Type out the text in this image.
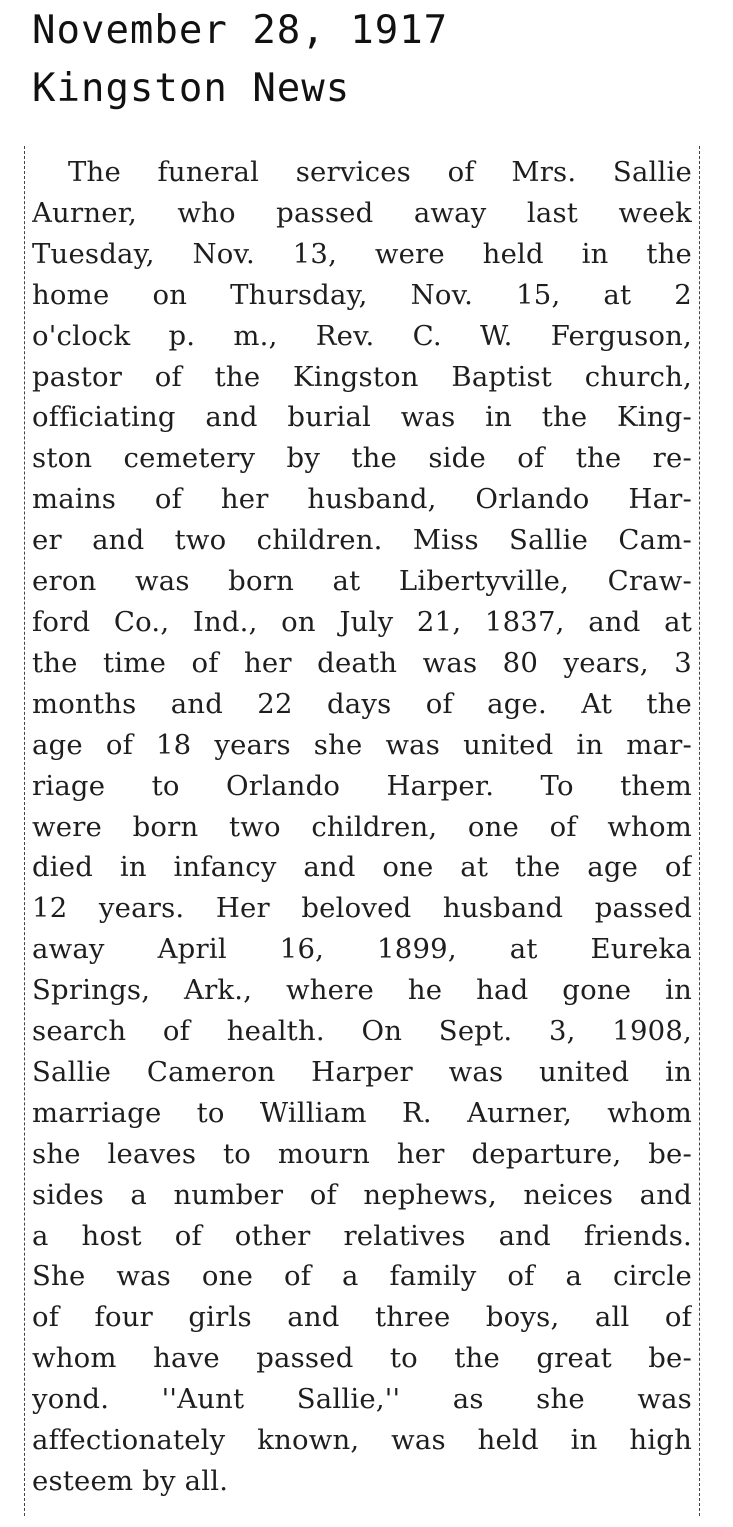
November 28, 1917
Kingston News
The funeral services of Mrs. Sallie
Aurner, who passed away last week
Tuesday, Nov. 13, were held in the
home on Thursday, Nov. 15, at 2
o'clock p. m., Rev. C. W. Ferguson,
pastor of the Kingston Baptist church,
officiating and burial was in the King-
ston cemetery by the side of the re-
mains of her husband, Orlando Har-
er and two children. Miss Sallie Cam-
eron was born at Libertyville, Craw-
ford Co., Ind., on July 21, 1837, and at
the time of her death was 80 years, 3
months and 22 days of age. At the
age of 18 years she was united in mar-
riage to Orlando Harper. To them
were born two children, one of whom
died in infancy and one at the age of
12 years. Her beloved husband passed
away April 16, 1899, at Eureka
Springs, Ark., where he had gone in
search of health. On Sept. 3, 1908,
Sallie Cameron Harper was united in
marriage to William R. Aurner, whom
she leaves to mourn her departure, be-
sides a number of nephews, neices and
a host of other relatives and friends.
She was one of a family of a circle
of four girls and three boys, all of
whom have passed to the great be-
yond. ''Aunt Sallie,'' as she was
affectionately known, was held in high
esteem by all.
